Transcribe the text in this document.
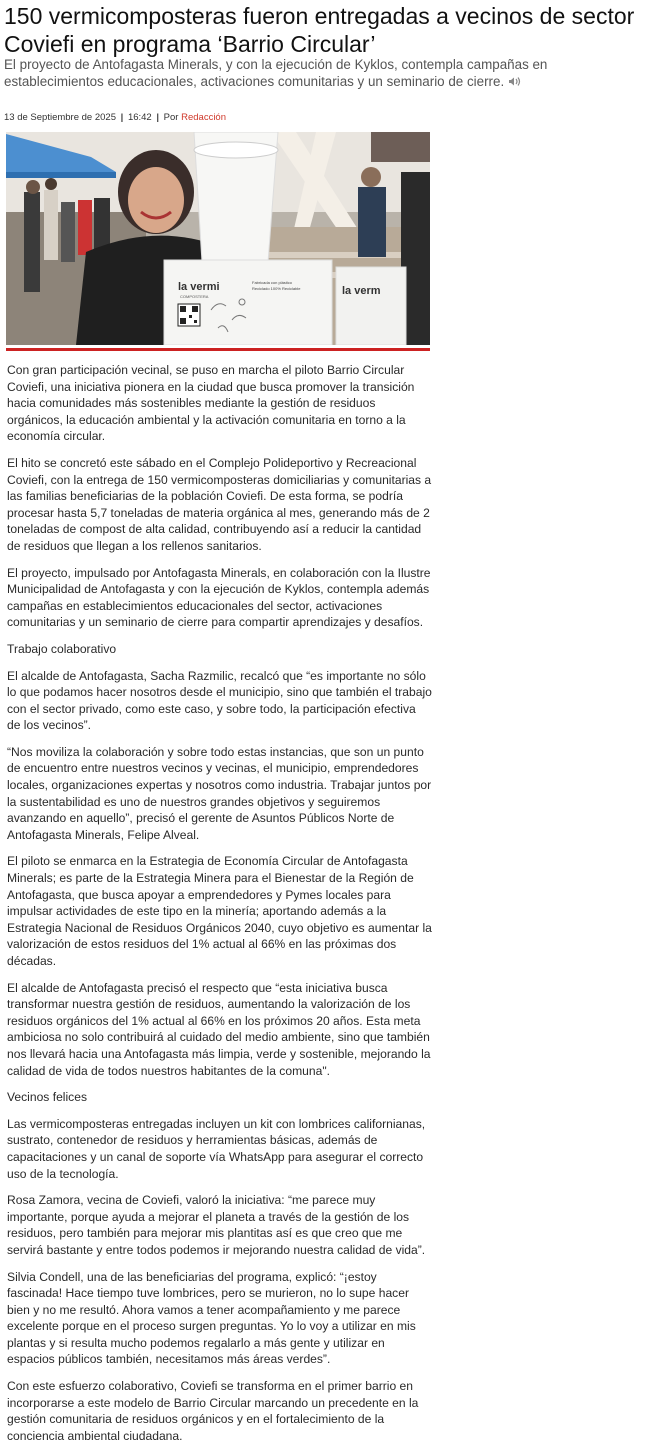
150 vermicomposteras fueron entregadas a vecinos de sector Coviefi en programa ‘Barrio Circular’

El proyecto de Antofagasta Minerals, y con la ejecución de Kyklos, contempla campañas en establecimientos educacionales, activaciones comunitarias y un seminario de cierre.

13 de Septiembre de 2025 | 16:42 | Por Redacción
la vermi
COMPOSTERA
Fabricada con plástico
Reciclado 100% Reciclable	la verm

Con gran participación vecinal, se puso en marcha el piloto Barrio Circular Coviefi, una iniciativa pionera en la ciudad que busca promover la transición hacia comunidades más sostenibles mediante la gestión de residuos orgánicos, la educación ambiental y la activación comunitaria en torno a la economía circular.

El hito se concretó este sábado en el Complejo Polideportivo y Recreacional Coviefi, con la entrega de 150 vermicomposteras domiciliarias y comunitarias a las familias beneficiarias de la población Coviefi. De esta forma, se podría procesar hasta 5,7 toneladas de materia orgánica al mes, generando más de 2 toneladas de compost de alta calidad, contribuyendo así a reducir la cantidad de residuos que llegan a los rellenos sanitarios.

El proyecto, impulsado por Antofagasta Minerals, en colaboración con la Ilustre Municipalidad de Antofagasta y con la ejecución de Kyklos, contempla además campañas en establecimientos educacionales del sector, activaciones comunitarias y un seminario de cierre para compartir aprendizajes y desafíos.

Trabajo colaborativo

El alcalde de Antofagasta, Sacha Razmilic, recalcó que “es importante no sólo lo que podamos hacer nosotros desde el municipio, sino que también el trabajo con el sector privado, como este caso, y sobre todo, la participación efectiva de los vecinos”.

“Nos moviliza la colaboración y sobre todo estas instancias, que son un punto de encuentro entre nuestros vecinos y vecinas, el municipio, emprendedores locales, organizaciones expertas y nosotros como industria. Trabajar juntos por la sustentabilidad es uno de nuestros grandes objetivos y seguiremos avanzando en aquello”, precisó el gerente de Asuntos Públicos Norte de Antofagasta Minerals, Felipe Alveal.

El piloto se enmarca en la Estrategia de Economía Circular de Antofagasta Minerals; es parte de la Estrategia Minera para el Bienestar de la Región de Antofagasta, que busca apoyar a emprendedores y Pymes locales para impulsar actividades de este tipo en la minería; aportando además a la Estrategia Nacional de Residuos Orgánicos 2040, cuyo objetivo es aumentar la valorización de estos residuos del 1% actual al 66% en las próximas dos décadas.

El alcalde de Antofagasta precisó el respecto que “esta iniciativa busca transformar nuestra gestión de residuos, aumentando la valorización de los residuos orgánicos del 1% actual al 66% en los próximos 20 años. Esta meta ambiciosa no solo contribuirá al cuidado del medio ambiente, sino que también nos llevará hacia una Antofagasta más limpia, verde y sostenible, mejorando la calidad de vida de todos nuestros habitantes de la comuna".

Vecinos felices

Las vermicomposteras entregadas incluyen un kit con lombrices californianas, sustrato, contenedor de residuos y herramientas básicas, además de capacitaciones y un canal de soporte vía WhatsApp para asegurar el correcto uso de la tecnología.

Rosa Zamora, vecina de Coviefi, valoró la iniciativa: “me parece muy importante, porque ayuda a mejorar el planeta a través de la gestión de los residuos, pero también para mejorar mis plantitas así es que creo que me servirá bastante y entre todos podemos ir mejorando nuestra calidad de vida”.

Silvia Condell, una de las beneficiarias del programa, explicó: “¡estoy fascinada! Hace tiempo tuve lombrices, pero se murieron, no lo supe hacer bien y no me resultó. Ahora vamos a tener acompañamiento y me parece excelente porque en el proceso surgen preguntas. Yo lo voy a utilizar en mis plantas y si resulta mucho podemos regalarlo a más gente y utilizar en espacios públicos también, necesitamos más áreas verdes”.

Con este esfuerzo colaborativo, Coviefi se transforma en el primer barrio en incorporarse a este modelo de Barrio Circular marcando un precedente en la gestión comunitaria de residuos orgánicos y en el fortalecimiento de la conciencia ambiental ciudadana.
